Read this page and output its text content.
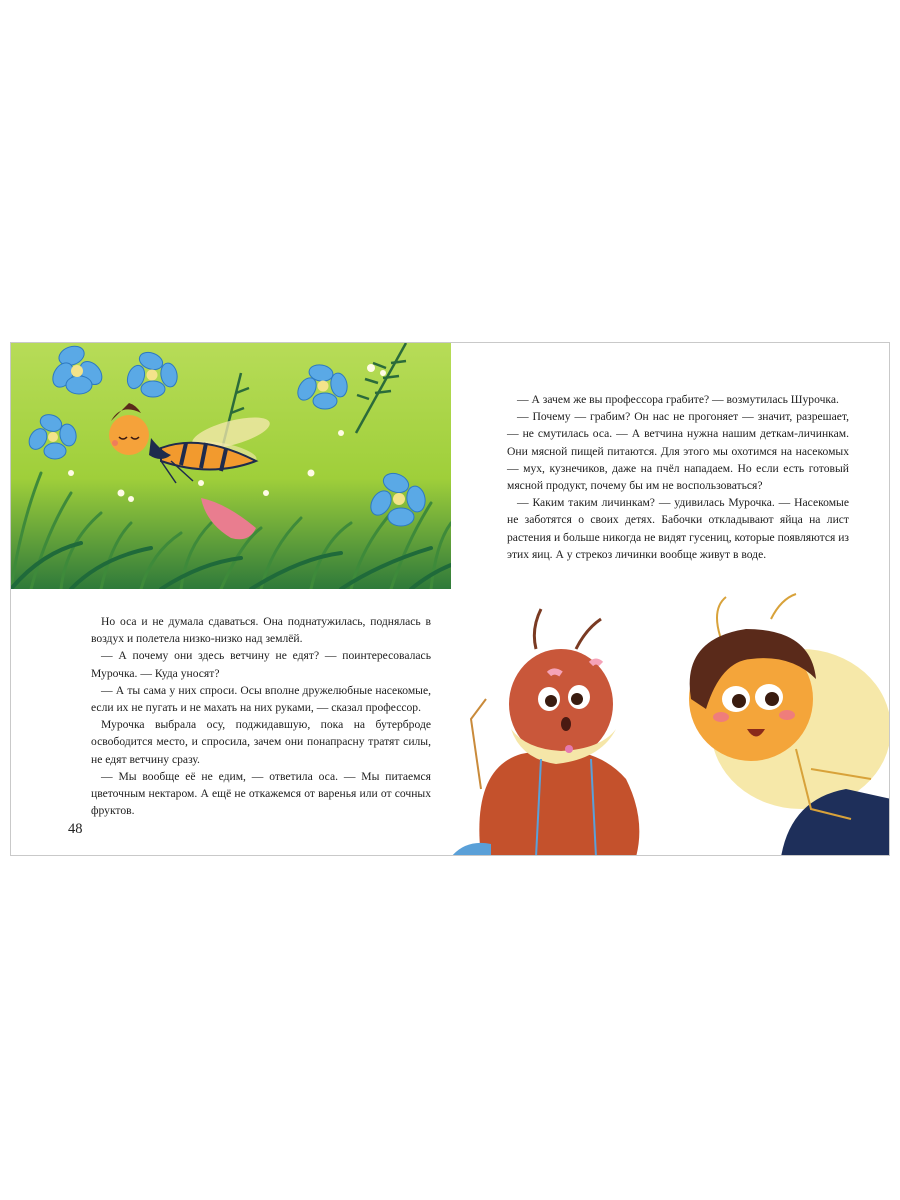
Но оса и не думала сдаваться. Она поднатужилась, поднялась в воздух и полетела низко-низко над землёй.

— А почему они здесь ветчину не едят? — поинтересовалась Мурочка. — Куда уносят?

— А ты сама у них спроси. Осы вполне дружелюбные насекомые, если их не пугать и не махать на них руками, — сказал профессор.

Мурочка выбрала осу, поджидавшую, пока на бутерброде освободится место, и спросила, зачем они понапрасну тратят силы, не едят ветчину сразу.

— Мы вообще её не едим, — ответила оса. — Мы питаемся цветочным нектаром. А ещё не откажемся от варенья или от сочных фруктов.

48

— А зачем же вы профессора грабите? — возмутилась Шурочка.

— Почему — грабим? Он нас не прогоняет — значит, разрешает, — не смутилась оса. — А ветчина нужна нашим деткам-личинкам. Они мясной пищей питаются. Для этого мы охотимся на насекомых — мух, кузнечиков, даже на пчёл нападаем. Но если есть готовый мясной продукт, почему бы им не воспользоваться?

— Каким таким личинкам? — удивилась Мурочка. — Насекомые не заботятся о своих детях. Бабочки откладывают яйца на лист растения и больше никогда не видят гусениц, которые появляются из этих яиц. А у стрекоз личинки вообще живут в воде.
